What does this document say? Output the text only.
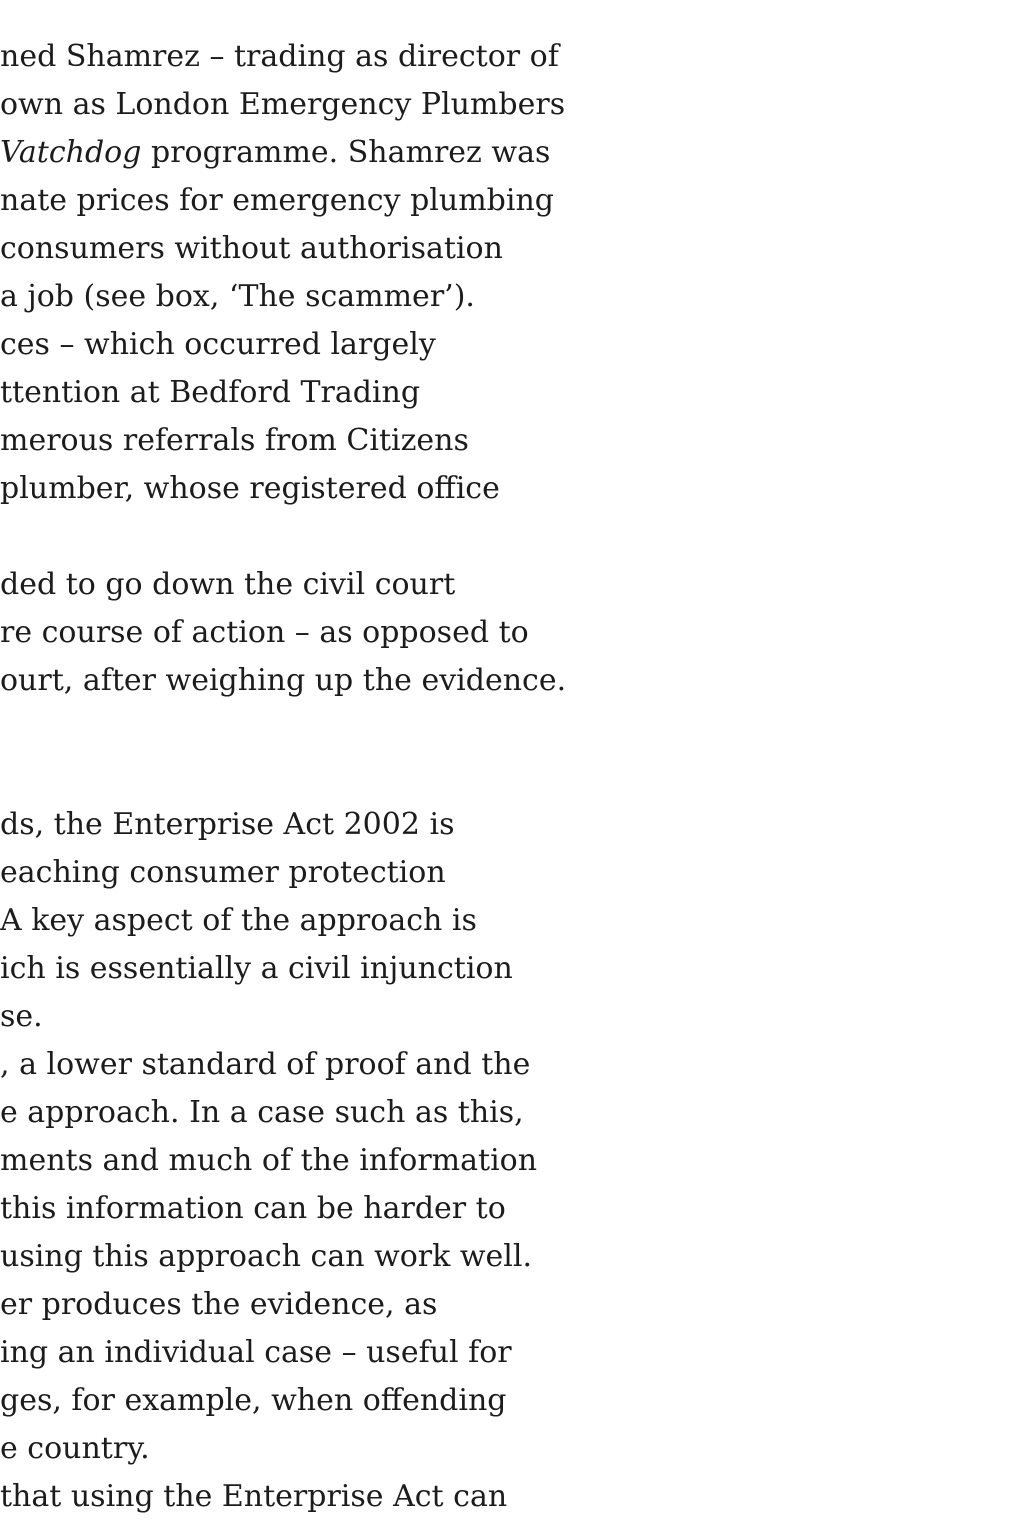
ned Shamrez – trading as director of
own as London Emergency Plumbers
Vatchdog programme. Shamrez was
nate prices for emergency plumbing
consumers without authorisation
a job (see box, ‘The scammer’).
ces – which occurred largely
ttention at Bedford Trading
merous referrals from Citizens
plumber, whose registered office
ded to go down the civil court
re course of action – as opposed to
ourt, after weighing up the evidence.
ds, the Enterprise Act 2002 is
eaching consumer protection
A key aspect of the approach is
ich is essentially a civil injunction
se.
, a lower standard of proof and the
e approach. In a case such as this,
ments and much of the information
this information can be harder to
using this approach can work well.
er produces the evidence, as
ing an individual case – useful for
ges, for example, when offending
e country.
that using the Enterprise Act can
